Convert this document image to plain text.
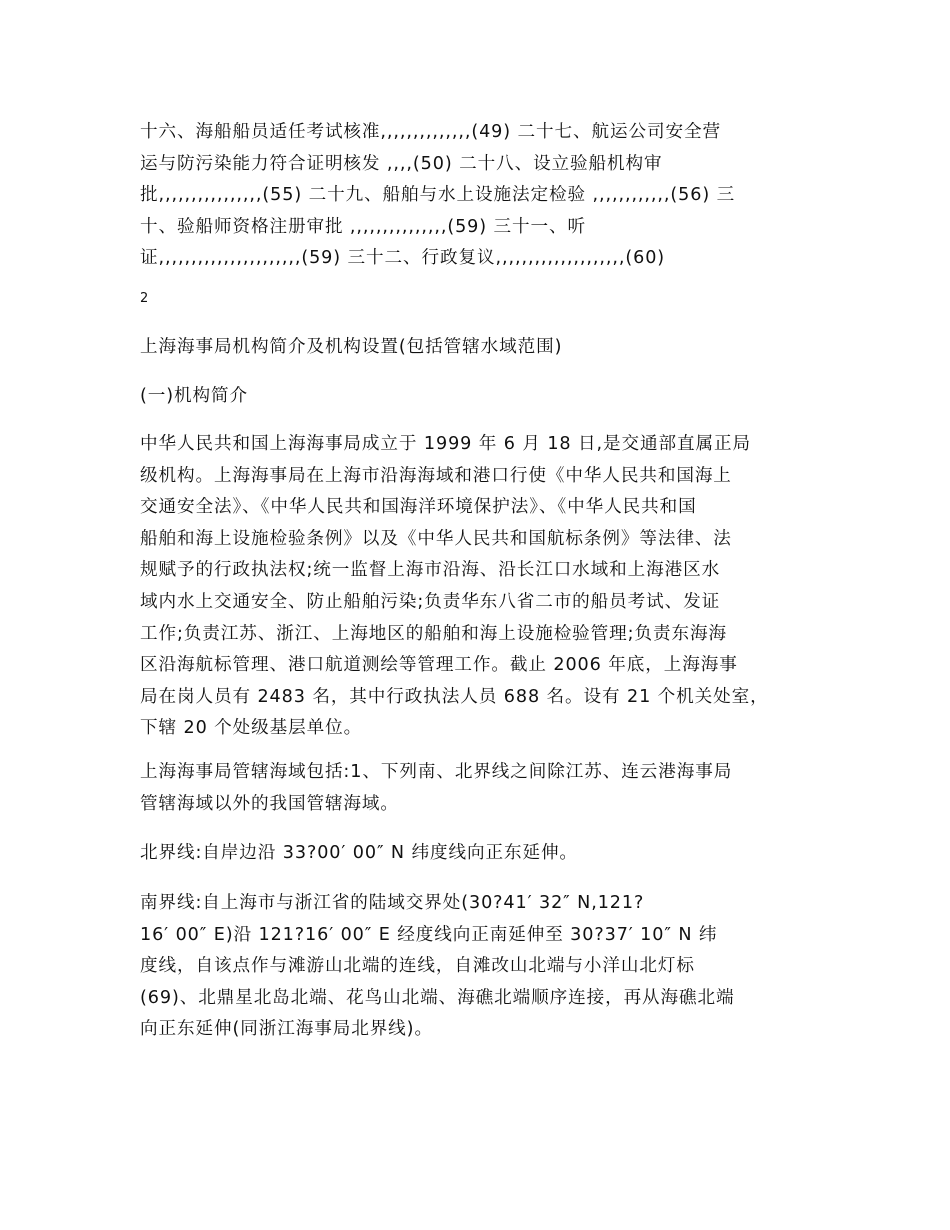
十六、海船船员适任考试核准,,,,,,,,,,,,,,(49) 二十七、航运公司安全营
运与防污染能力符合证明核发 ,,,,(50) 二十八、设立验船机构审
批,,,,,,,,,,,,,,,,(55) 二十九、船舶与水上设施法定检验 ,,,,,,,,,,,,(56) 三
十、验船师资格注册审批 ,,,,,,,,,,,,,,,(59) 三十一、听
证,,,,,,,,,,,,,,,,,,,,,,(59) 三十二、行政复议,,,,,,,,,,,,,,,,,,,,(60)
2
上海海事局机构简介及机构设置(包括管辖水域范围)
(一)机构简介
中华人民共和国上海海事局成立于 1999 年 6 月 18 日,是交通部直属正局
级机构。上海海事局在上海市沿海海域和港口行使《中华人民共和国海上
交通安全法》、《中华人民共和国海洋环境保护法》、《中华人民共和国
船舶和海上设施检验条例》以及《中华人民共和国航标条例》等法律、法
规赋予的行政执法权;统一监督上海市沿海、沿长江口水域和上海港区水
域内水上交通安全、防止船舶污染;负责华东八省二市的船员考试、发证
工作;负责江苏、浙江、上海地区的船舶和海上设施检验管理;负责东海海
区沿海航标管理、港口航道测绘等管理工作。截止 2006 年底，上海海事
局在岗人员有 2483 名，其中行政执法人员 688 名。设有 21 个机关处室，
下辖 20 个处级基层单位。
上海海事局管辖海域包括:1、下列南、北界线之间除江苏、连云港海事局
管辖海域以外的我国管辖海域。
北界线:自岸边沿 33?00′ 00″ N 纬度线向正东延伸。
南界线:自上海市与浙江省的陆域交界处(30?41′ 32″ N,121?
16′ 00″ E)沿 121?16′ 00″ E 经度线向正南延伸至 30?37′ 10″ N 纬
度线，自该点作与滩游山北端的连线，自滩改山北端与小洋山北灯标
(69)、北鼎星北岛北端、花鸟山北端、海礁北端顺序连接，再从海礁北端
向正东延伸(同浙江海事局北界线)。
